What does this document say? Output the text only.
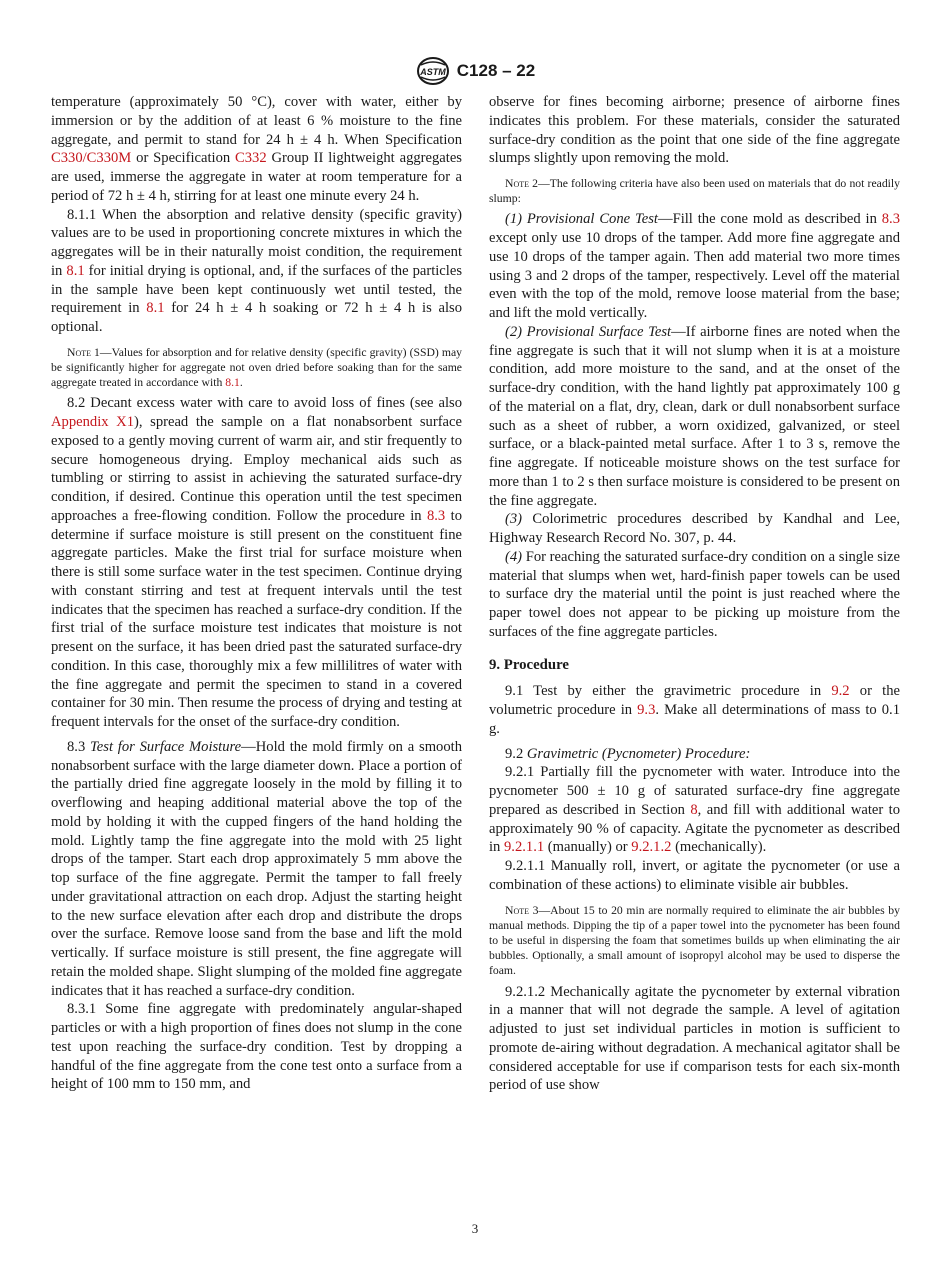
ASTM C128 – 22

temperature (approximately 50 °C), cover with water, either by immersion or by the addition of at least 6 % moisture to the fine aggregate, and permit to stand for 24 h ± 4 h. When Specification C330/C330M or Specification C332 Group II lightweight aggregates are used, immerse the aggregate in water at room temperature for a period of 72 h ± 4 h, stirring for at least one minute every 24 h.

8.1.1 When the absorption and relative density (specific gravity) values are to be used in proportioning concrete mixtures in which the aggregates will be in their naturally moist condition, the requirement in 8.1 for initial drying is optional, and, if the surfaces of the particles in the sample have been kept continuously wet until tested, the requirement in 8.1 for 24 h ± 4 h soaking or 72 h ± 4 h is also optional.

Note 1—Values for absorption and for relative density (specific gravity) (SSD) may be significantly higher for aggregate not oven dried before soaking than for the same aggregate treated in accordance with 8.1.

8.2 Decant excess water with care to avoid loss of fines (see also Appendix X1), spread the sample on a flat nonabsorbent surface exposed to a gently moving current of warm air, and stir frequently to secure homogeneous drying. Employ mechanical aids such as tumbling or stirring to assist in achieving the saturated surface-dry condition, if desired. Continue this operation until the test specimen approaches a free-flowing condition. Follow the procedure in 8.3 to determine if surface moisture is still present on the constituent fine aggregate particles. Make the first trial for surface moisture when there is still some surface water in the test specimen. Continue drying with constant stirring and test at frequent intervals until the test indicates that the specimen has reached a surface-dry condition. If the first trial of the surface moisture test indicates that moisture is not present on the surface, it has been dried past the saturated surface-dry condition. In this case, thoroughly mix a few millilitres of water with the fine aggregate and permit the specimen to stand in a covered container for 30 min. Then resume the process of drying and testing at frequent intervals for the onset of the surface-dry condition.

8.3 Test for Surface Moisture—Hold the mold firmly on a smooth nonabsorbent surface with the large diameter down. Place a portion of the partially dried fine aggregate loosely in the mold by filling it to overflowing and heaping additional material above the top of the mold by holding it with the cupped fingers of the hand holding the mold. Lightly tamp the fine aggregate into the mold with 25 light drops of the tamper. Start each drop approximately 5 mm above the top surface of the fine aggregate. Permit the tamper to fall freely under gravitational attraction on each drop. Adjust the starting height to the new surface elevation after each drop and distribute the drops over the surface. Remove loose sand from the base and lift the mold vertically. If surface moisture is still present, the fine aggregate will retain the molded shape. Slight slumping of the molded fine aggregate indicates that it has reached a surface-dry condition.

8.3.1 Some fine aggregate with predominately angular-shaped particles or with a high proportion of fines does not slump in the cone test upon reaching the surface-dry condition. Test by dropping a handful of the fine aggregate from the cone test onto a surface from a height of 100 mm to 150 mm, and

observe for fines becoming airborne; presence of airborne fines indicates this problem. For these materials, consider the saturated surface-dry condition as the point that one side of the fine aggregate slumps slightly upon removing the mold.

Note 2—The following criteria have also been used on materials that do not readily slump:

(1) Provisional Cone Test—Fill the cone mold as described in 8.3 except only use 10 drops of the tamper. Add more fine aggregate and use 10 drops of the tamper again. Then add material two more times using 3 and 2 drops of the tamper, respectively. Level off the material even with the top of the mold, remove loose material from the base; and lift the mold vertically.

(2) Provisional Surface Test—If airborne fines are noted when the fine aggregate is such that it will not slump when it is at a moisture condition, add more moisture to the sand, and at the onset of the surface-dry condition, with the hand lightly pat approximately 100 g of the material on a flat, dry, clean, dark or dull nonabsorbent surface such as a sheet of rubber, a worn oxidized, galvanized, or steel surface, or a black-painted metal surface. After 1 to 3 s, remove the fine aggregate. If noticeable moisture shows on the test surface for more than 1 to 2 s then surface moisture is considered to be present on the fine aggregate.

(3) Colorimetric procedures described by Kandhal and Lee, Highway Research Record No. 307, p. 44.

(4) For reaching the saturated surface-dry condition on a single size material that slumps when wet, hard-finish paper towels can be used to surface dry the material until the point is just reached where the paper towel does not appear to be picking up moisture from the surfaces of the fine aggregate particles.

9. Procedure

9.1 Test by either the gravimetric procedure in 9.2 or the volumetric procedure in 9.3. Make all determinations of mass to 0.1 g.

9.2 Gravimetric (Pycnometer) Procedure:

9.2.1 Partially fill the pycnometer with water. Introduce into the pycnometer 500 ± 10 g of saturated surface-dry fine aggregate prepared as described in Section 8, and fill with additional water to approximately 90 % of capacity. Agitate the pycnometer as described in 9.2.1.1 (manually) or 9.2.1.2 (mechanically).

9.2.1.1 Manually roll, invert, or agitate the pycnometer (or use a combination of these actions) to eliminate visible air bubbles.

Note 3—About 15 to 20 min are normally required to eliminate the air bubbles by manual methods. Dipping the tip of a paper towel into the pycnometer has been found to be useful in dispersing the foam that sometimes builds up when eliminating the air bubbles. Optionally, a small amount of isopropyl alcohol may be used to disperse the foam.

9.2.1.2 Mechanically agitate the pycnometer by external vibration in a manner that will not degrade the sample. A level of agitation adjusted to just set individual particles in motion is sufficient to promote de-airing without degradation. A mechanical agitator shall be considered acceptable for use if comparison tests for each six-month period of use show

3
